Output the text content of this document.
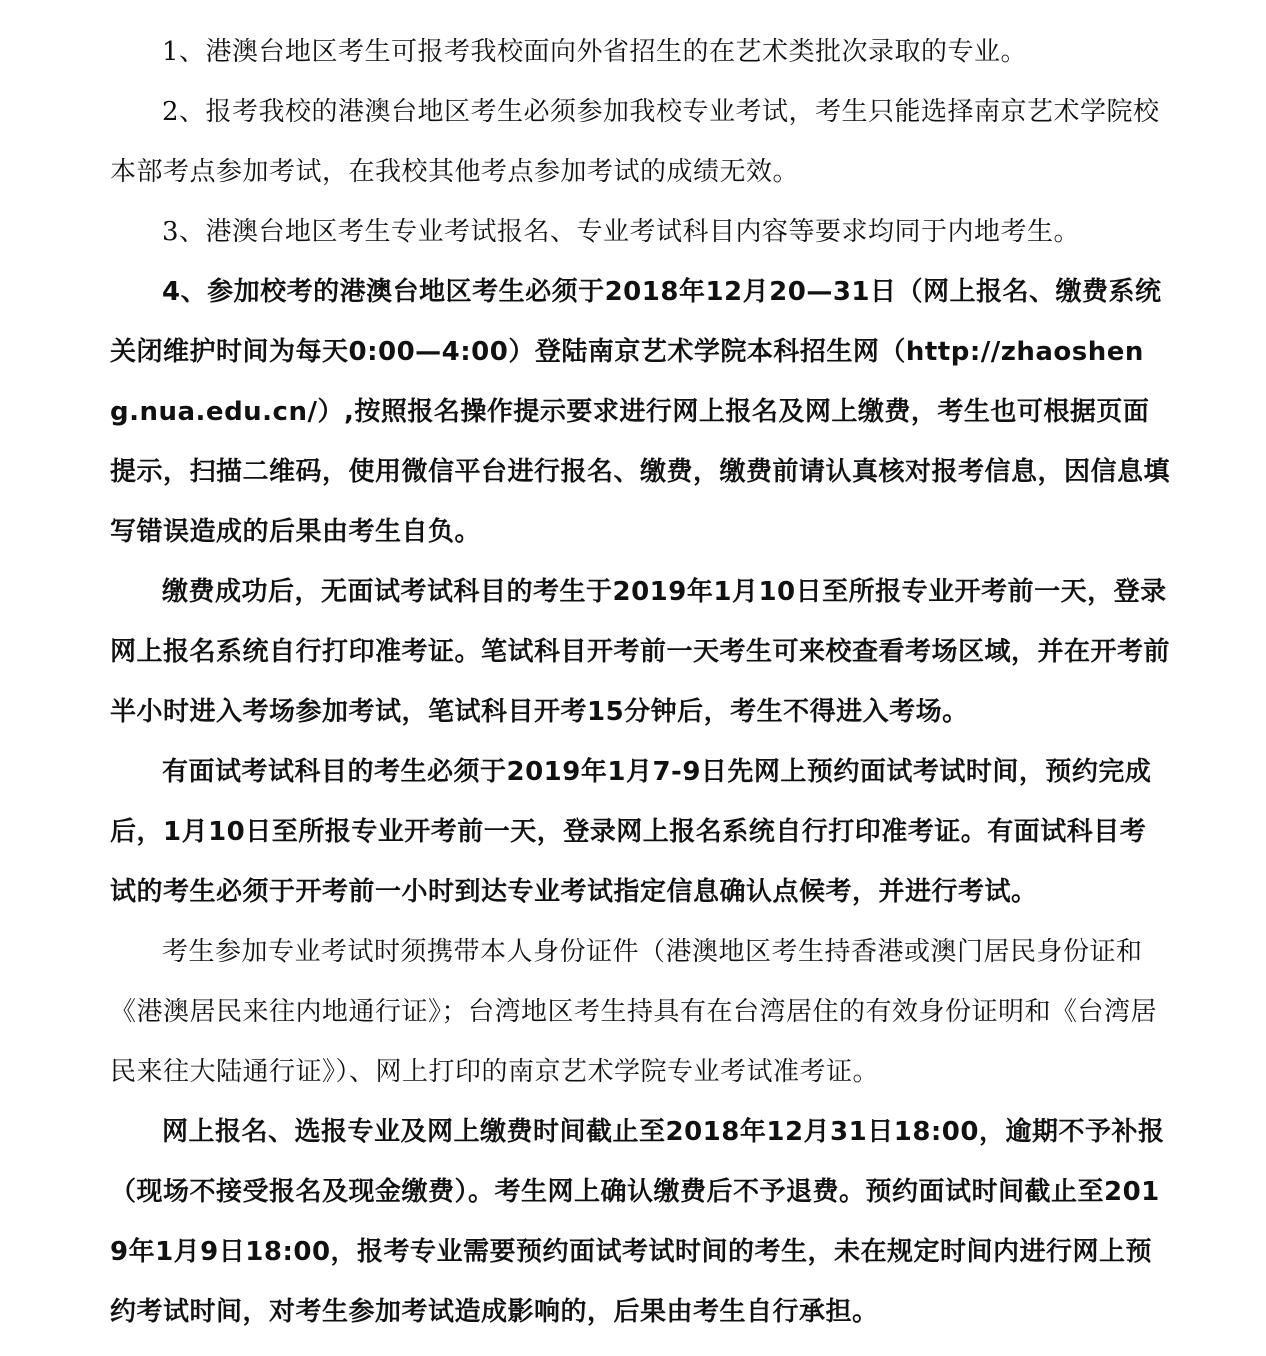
1、港澳台地区考生可报考我校面向外省招生的在艺术类批次录取的专业。

2、报考我校的港澳台地区考生必须参加我校专业考试，考生只能选择南京艺术学院校本部考点参加考试，在我校其他考点参加考试的成绩无效。

3、港澳台地区考生专业考试报名、专业考试科目内容等要求均同于内地考生。

4、参加校考的港澳台地区考生必须于2018年12月20—31日（网上报名、缴费系统关闭维护时间为每天0:00—4:00）登陆南京艺术学院本科招生网（http://zhaosheng.nua.edu.cn/）,按照报名操作提示要求进行网上报名及网上缴费，考生也可根据页面提示，扫描二维码，使用微信平台进行报名、缴费，缴费前请认真核对报考信息，因信息填写错误造成的后果由考生自负。

缴费成功后，无面试考试科目的考生于2019年1月10日至所报专业开考前一天，登录网上报名系统自行打印准考证。笔试科目开考前一天考生可来校查看考场区域，并在开考前半小时进入考场参加考试，笔试科目开考15分钟后，考生不得进入考场。

有面试考试科目的考生必须于2019年1月7-9日先网上预约面试考试时间，预约完成后，1月10日至所报专业开考前一天，登录网上报名系统自行打印准考证。有面试科目考试的考生必须于开考前一小时到达专业考试指定信息确认点候考，并进行考试。

考生参加专业考试时须携带本人身份证件（港澳地区考生持香港或澳门居民身份证和《港澳居民来往内地通行证》；台湾地区考生持具有在台湾居住的有效身份证明和《台湾居民来往大陆通行证》）、网上打印的南京艺术学院专业考试准考证。

网上报名、选报专业及网上缴费时间截止至2018年12月31日18:00，逾期不予补报（现场不接受报名及现金缴费）。考生网上确认缴费后不予退费。预约面试时间截止至2019年1月9日18:00，报考专业需要预约面试考试时间的考生，未在规定时间内进行网上预约考试时间，对考生参加考试造成影响的，后果由考生自行承担。
